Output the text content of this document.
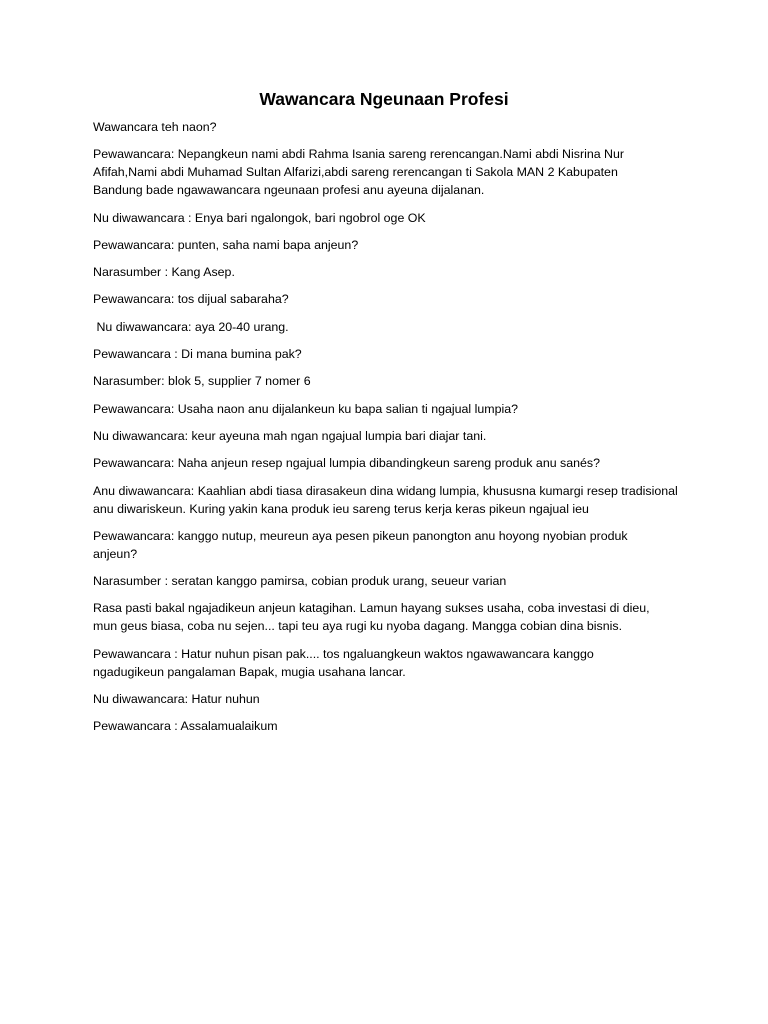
Wawancara Ngeunaan Profesi

Wawancara teh naon?

Pewawancara: Nepangkeun nami abdi Rahma Isania sareng rerencangan.Nami abdi Nisrina Nur Afifah,Nami abdi Muhamad Sultan Alfarizi,abdi sareng rerencangan ti Sakola MAN 2 Kabupaten Bandung bade ngawawancara ngeunaan profesi anu ayeuna dijalanan.

Nu diwawancara : Enya bari ngalongok, bari ngobrol oge OK

Pewawancara: punten, saha nami bapa anjeun?

Narasumber : Kang Asep.

Pewawancara: tos dijual sabaraha?

Nu diwawancara: aya 20-40 urang.

Pewawancara : Di mana bumina pak?

Narasumber: blok 5, supplier 7 nomer 6

Pewawancara: Usaha naon anu dijalankeun ku bapa salian ti ngajual lumpia?

Nu diwawancara: keur ayeuna mah ngan ngajual lumpia bari diajar tani.

Pewawancara: Naha anjeun resep ngajual lumpia dibandingkeun sareng produk anu sanés?

Anu diwawancara: Kaahlian abdi tiasa dirasakeun dina widang lumpia, khususna kumargi resep tradisional anu diwariskeun. Kuring yakin kana produk ieu sareng terus kerja keras pikeun ngajual ieu

Pewawancara: kanggo nutup, meureun aya pesen pikeun panongton anu hoyong nyobian produk anjeun?

Narasumber : seratan kanggo pamirsa, cobian produk urang, seueur varian

Rasa pasti bakal ngajadikeun anjeun katagihan. Lamun hayang sukses usaha, coba investasi di dieu, mun geus biasa, coba nu sejen... tapi teu aya rugi ku nyoba dagang. Mangga cobian dina bisnis.

Pewawancara : Hatur nuhun pisan pak.... tos ngaluangkeun waktos ngawawancara kanggo ngadugikeun pangalaman Bapak, mugia usahana lancar.

Nu diwawancara: Hatur nuhun

Pewawancara : Assalamualaikum
